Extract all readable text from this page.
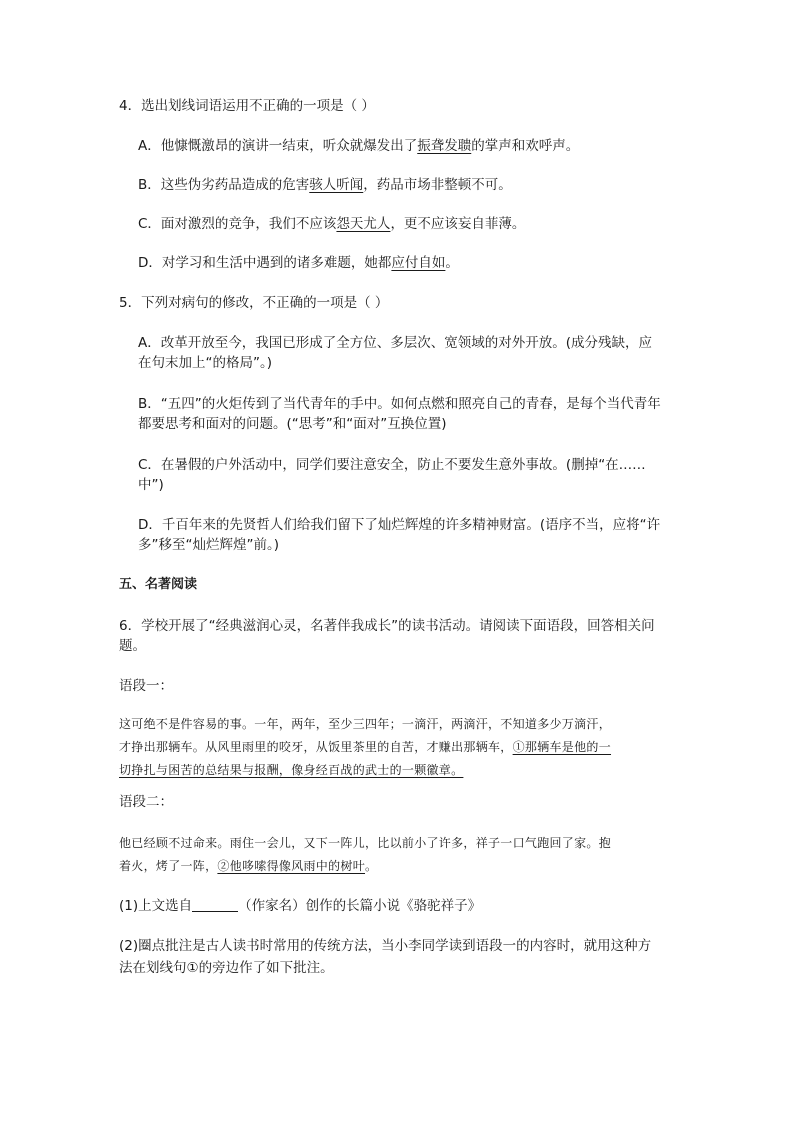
4．选出划线词语运用不正确的一项是（ ）
A．他慷慨激昂的演讲一结束，听众就爆发出了振聋发聩的掌声和欢呼声。
B．这些伪劣药品造成的危害骇人听闻，药品市场非整顿不可。
C．面对激烈的竞争，我们不应该怨天尤人，更不应该妄自菲薄。
D．对学习和生活中遇到的诸多难题，她都应付自如。
5．下列对病句的修改，不正确的一项是（ ）
A．改革开放至今，我国已形成了全方位、多层次、宽领域的对外开放。(成分残缺，应
在句末加上“的格局”。)
B．“五四”的火炬传到了当代青年的手中。如何点燃和照亮自己的青春，是每个当代青年
都要思考和面对的问题。(“思考”和“面对”互换位置)
C．在暑假的户外活动中，同学们要注意安全，防止不要发生意外事故。(删掉“在……
中”)
D．千百年来的先贤哲人们给我们留下了灿烂辉煌的许多精神财富。(语序不当，应将“许
多”移至“灿烂辉煌”前。)
五、名著阅读
6．学校开展了“经典滋润心灵，名著伴我成长”的读书活动。请阅读下面语段，回答相关问
题。
语段一：

这可绝不是件容易的事。一年，两年，至少三四年；一滴汗，两滴汗，不知道多少万滴汗，

才挣出那辆车。从风里雨里的咬牙，从饭里茶里的自苦，才赚出那辆车，①那辆车是他的一

切挣扎与困苦的总结果与报酬，像身经百战的武士的一颗徽章。

语段二：

他已经顾不过命来。雨住一会儿，又下一阵儿，比以前小了许多，祥子一口气跑回了家。抱

着火，烤了一阵，②他哆嗦得像风雨中的树叶。

(1)上文选自	（作家名）创作的长篇小说《骆驼祥子》
(2)圈点批注是古人读书时常用的传统方法，当小李同学读到语段一的内容时，就用这种方
法在划线句①的旁边作了如下批注。
